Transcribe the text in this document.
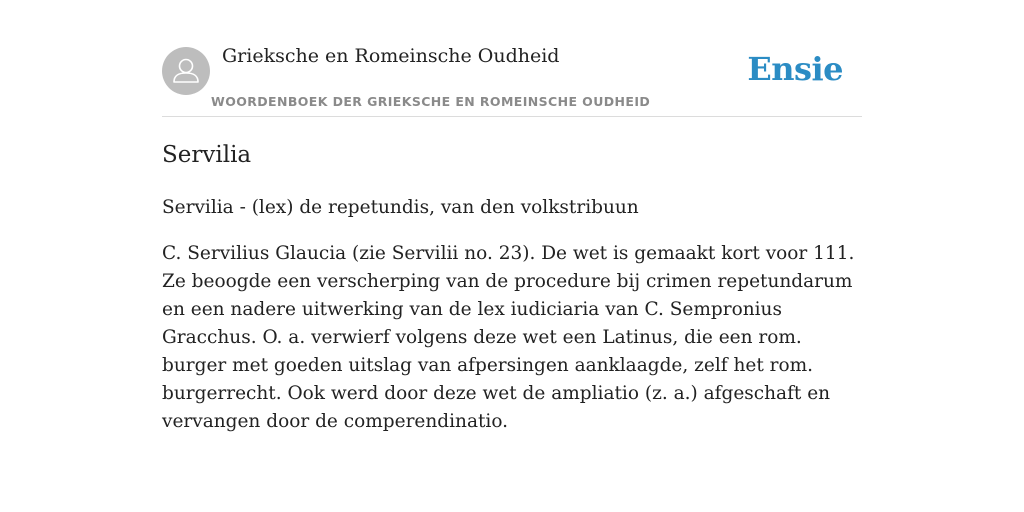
Grieksche en Romeinsche Oudheid
WOORDENBOEK DER GRIEKSCHE EN ROMEINSCHE OUDHEID
Ensie
Servilia

Servilia - (lex) de repetundis, van den volkstribuun

C. Servilius Glaucia (zie Servilii no. 23). De wet is gemaakt kort voor 111. Ze beoogde een verscherping van de procedure bij crimen repetundarum en een nadere uitwerking van de lex iudiciaria van C. Sempronius Gracchus. O. a. verwierf volgens deze wet een Latinus, die een rom. burger met goeden uitslag van afpersingen aanklaagde, zelf het rom. burgerrecht. Ook werd door deze wet de ampliatio (z. a.) afgeschaft en vervangen door de comperendinatio.
